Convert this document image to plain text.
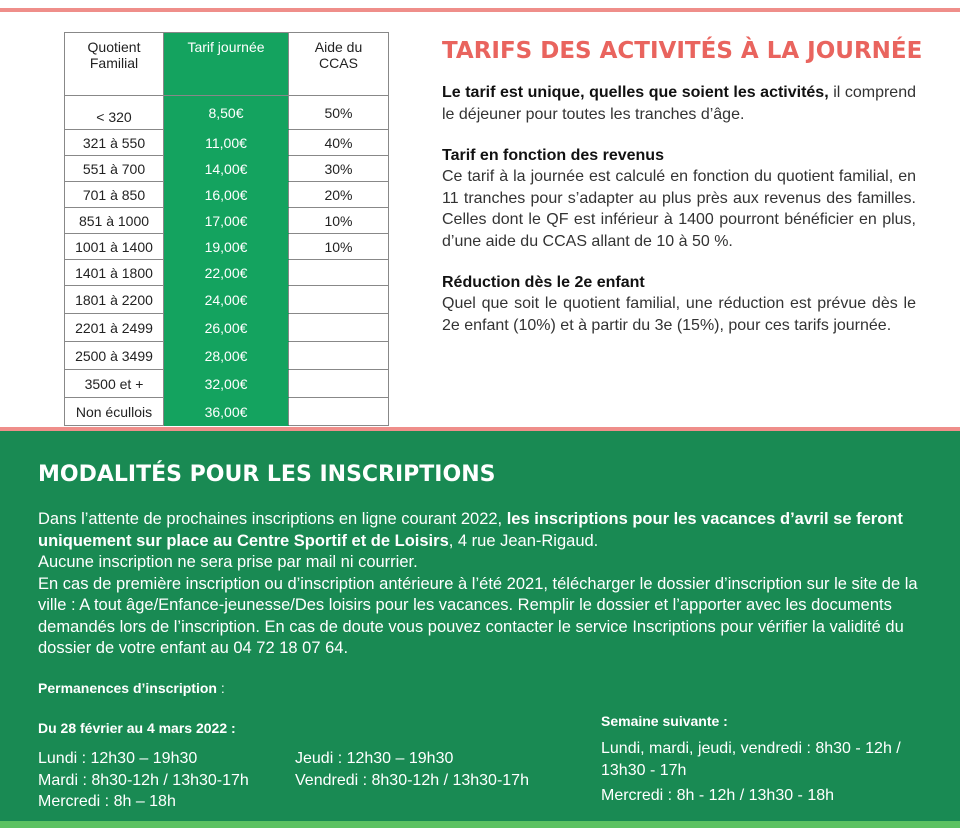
Quotient Familial	Tarif journée	Aide du CCAS
< 320	8,50€	50%
321 à 550	11,00€	40%
551 à 700	14,00€	30%
701 à 850	16,00€	20%
851 à 1000	17,00€	10%
1001 à 1400	19,00€	10%
1401 à 1800	22,00€	
1801 à 2200	24,00€	
2201 à 2499	26,00€	
2500 à 3499	28,00€	
3500 et +	32,00€	
Non écullois	36,00€	
TARIFS DES ACTIVITÉS À LA JOURNÉE

Le tarif est unique, quelles que soient les activités, il comprend le déjeuner pour toutes les tranches d’âge.

Tarif en fonction des revenus

Ce tarif à la journée est calculé en fonction du quotient familial, en 11 tranches pour s’adapter au plus près aux revenus des familles. Celles dont le QF est inférieur à 1400 pourront bénéficier en plus, d’une aide du CCAS allant de 10 à 50 %.

Réduction dès le 2e enfant

Quel que soit le quotient familial, une réduction est prévue dès le 2e enfant (10%) et à partir du 3e (15%), pour ces tarifs journée.

MODALITÉS POUR LES INSCRIPTIONS

Dans l’attente de prochaines inscriptions en ligne courant 2022, les inscriptions pour les vacances d’avril se feront uniquement sur place au Centre Sportif et de Loisirs, 4 rue Jean-Rigaud.

Aucune inscription ne sera prise par mail ni courrier.

En cas de première inscription ou d’inscription antérieure à l’été 2021, télécharger le dossier d’inscription sur le site de la ville : A tout âge/Enfance-jeunesse/Des loisirs pour les vacances. Remplir le dossier et l’apporter avec les documents demandés lors de l’inscription. En cas de doute vous pouvez contacter le service Inscriptions pour vérifier la validité du dossier de votre enfant au 04 72 18 07 64.

Permanences d’inscription :
Du 28 février au 4 mars 2022 :
Lundi : 12h30 – 19h30
Mardi : 8h30-12h / 13h30-17h
Mercredi : 8h – 18h
Jeudi : 12h30 – 19h30
Vendredi : 8h30-12h / 13h30-17h
Semaine suivante :

Lundi, mardi, jeudi, vendredi : 8h30 - 12h / 13h30 - 17h

Mercredi : 8h - 12h / 13h30 - 18h
